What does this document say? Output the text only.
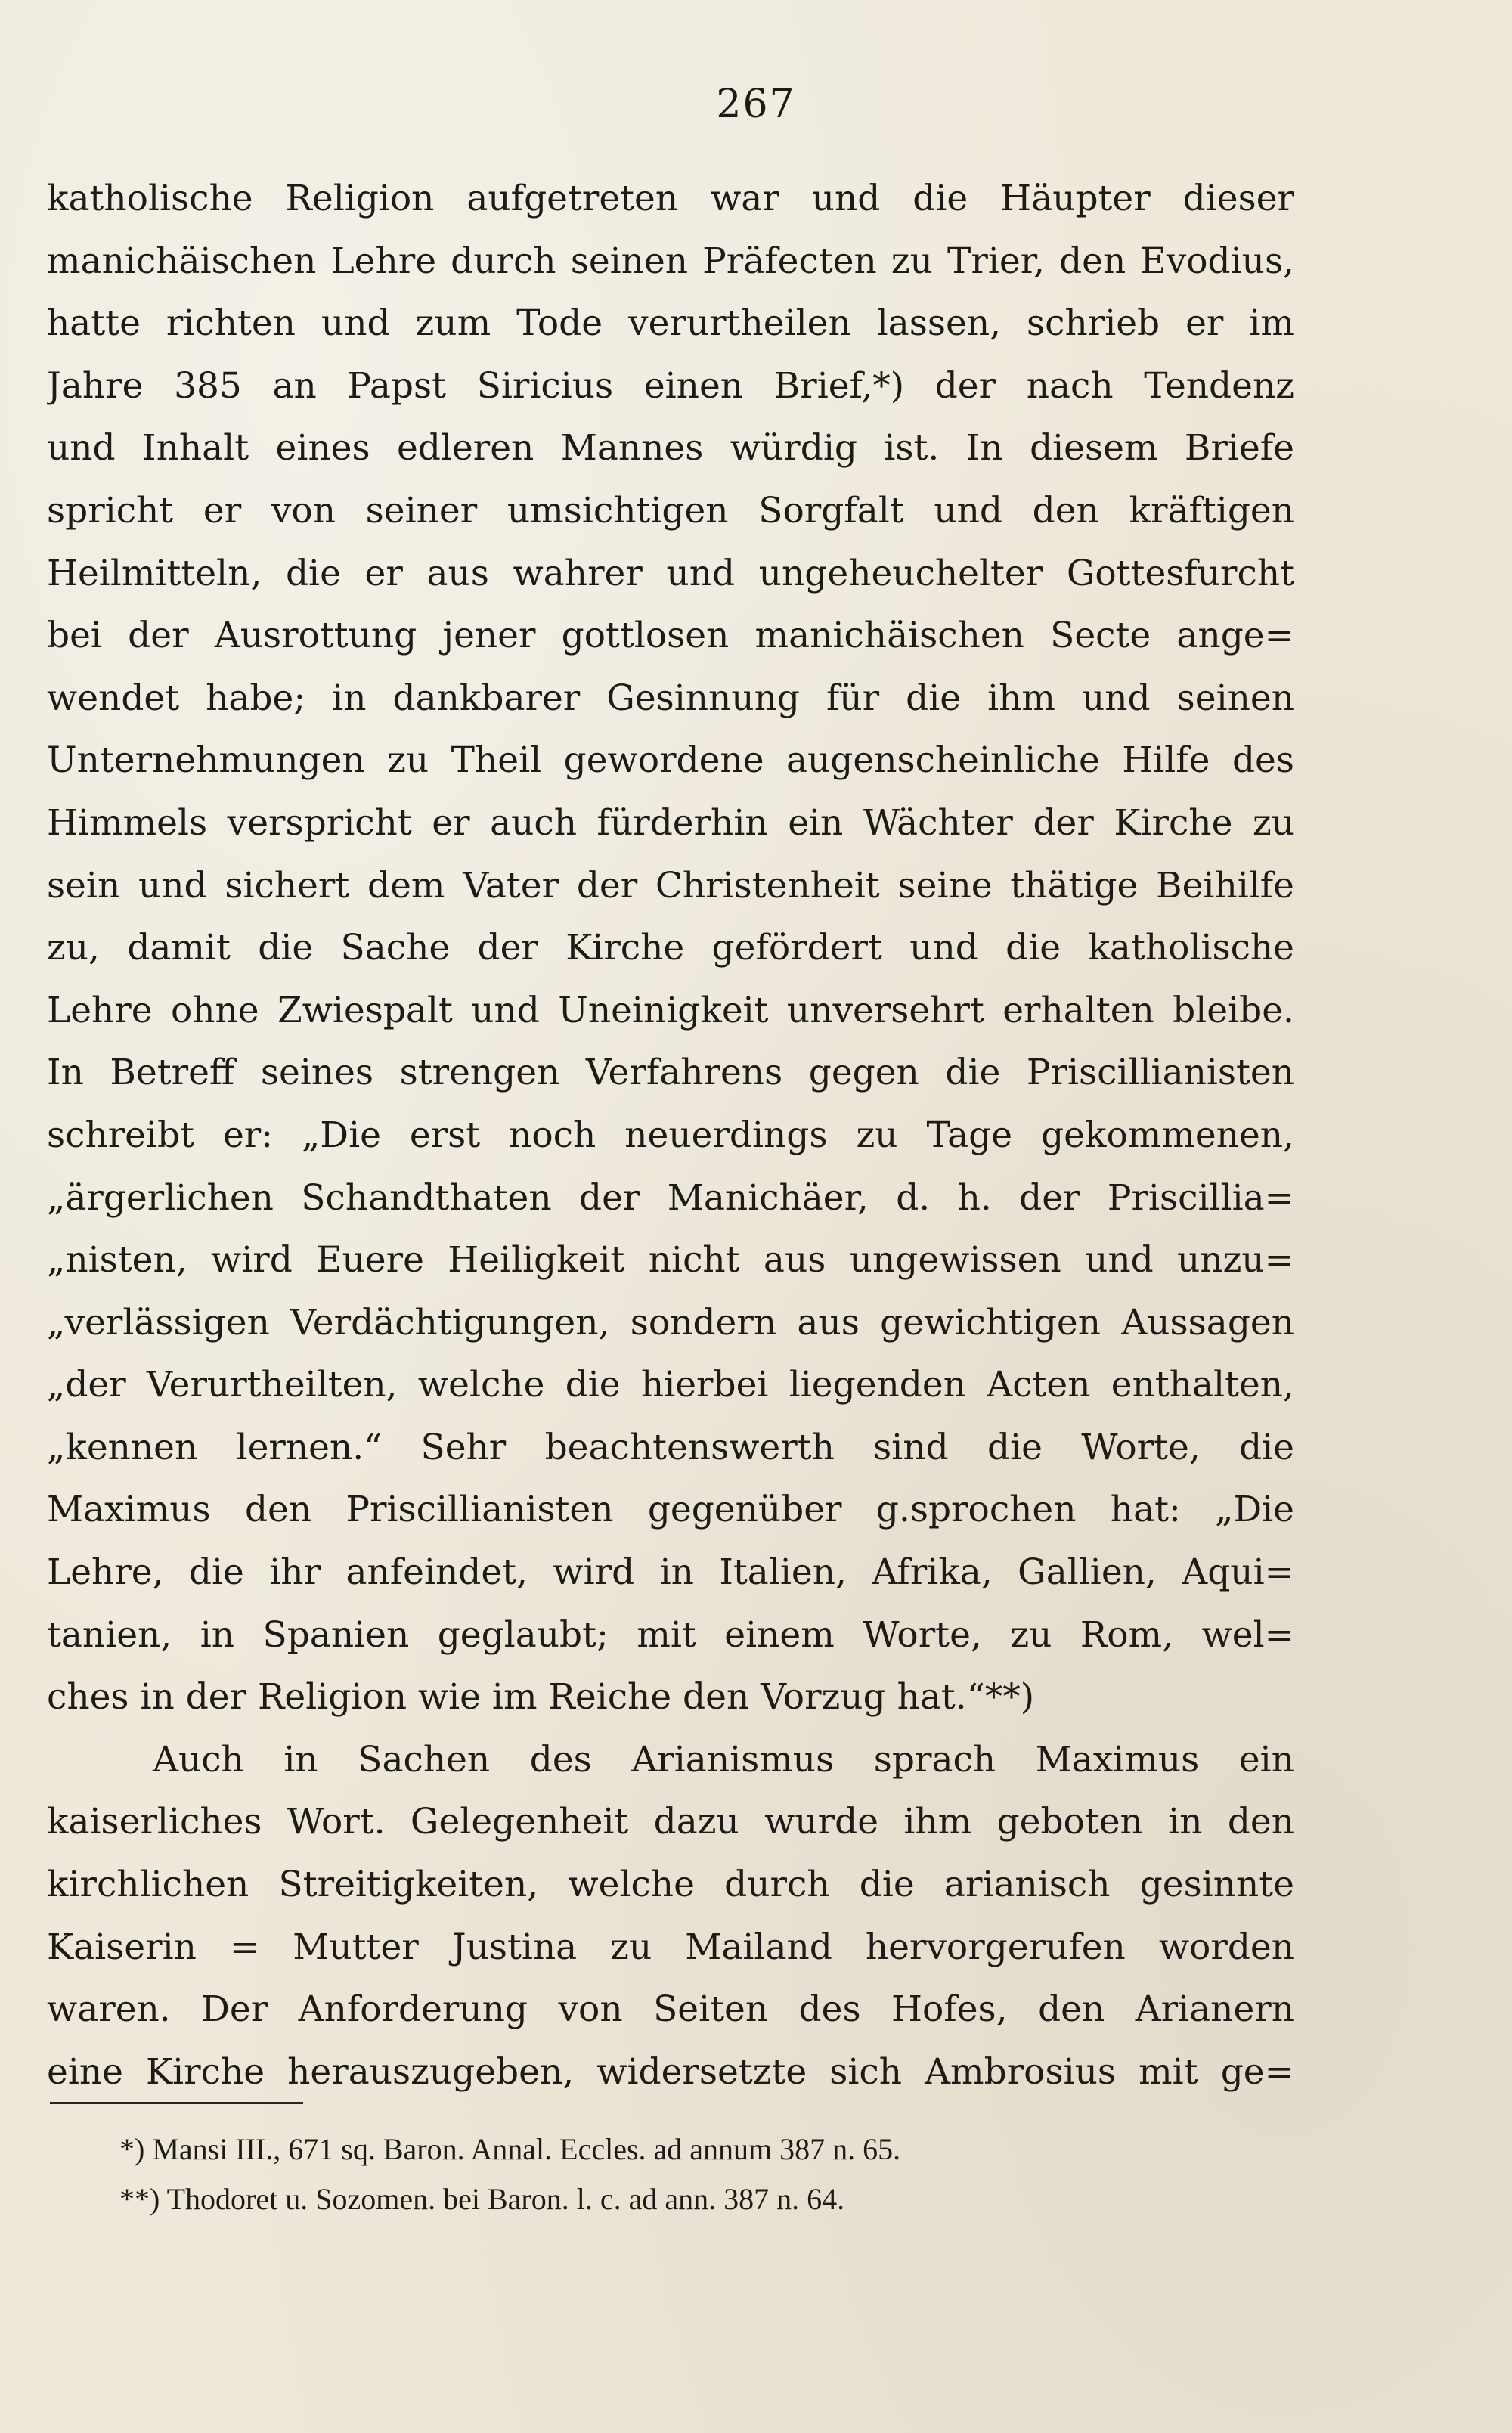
267
katholische Religion aufgetreten war und die Häupter dieser
manichäischen Lehre durch seinen Präfecten zu Trier, den Evodius,
hatte richten und zum Tode verurtheilen lassen, schrieb er im
Jahre 385 an Papst Siricius einen Brief,*) der nach Tendenz
und Inhalt eines edleren Mannes würdig ist. In diesem Briefe
spricht er von seiner umsichtigen Sorgfalt und den kräftigen
Heilmitteln, die er aus wahrer und ungeheuchelter Gottesfurcht
bei der Ausrottung jener gottlosen manichäischen Secte ange=
wendet habe; in dankbarer Gesinnung für die ihm und seinen
Unternehmungen zu Theil gewordene augenscheinliche Hilfe des
Himmels verspricht er auch fürderhin ein Wächter der Kirche zu
sein und sichert dem Vater der Christenheit seine thätige Beihilfe
zu, damit die Sache der Kirche gefördert und die katholische
Lehre ohne Zwiespalt und Uneinigkeit unversehrt erhalten bleibe.
In Betreff seines strengen Verfahrens gegen die Priscillianisten
schreibt er: „Die erst noch neuerdings zu Tage gekommenen,
„ärgerlichen Schandthaten der Manichäer, d. h. der Priscillia=
„nisten, wird Euere Heiligkeit nicht aus ungewissen und unzu=
„verlässigen Verdächtigungen, sondern aus gewichtigen Aussagen
„der Verurtheilten, welche die hierbei liegenden Acten enthalten,
„kennen lernen.“ Sehr beachtenswerth sind die Worte, die
Maximus den Priscillianisten gegenüber g.sprochen hat: „Die
Lehre, die ihr anfeindet, wird in Italien, Afrika, Gallien, Aqui=
tanien, in Spanien geglaubt; mit einem Worte, zu Rom, wel=
ches in der Religion wie im Reiche den Vorzug hat.“**)
Auch in Sachen des Arianismus sprach Maximus ein
kaiserliches Wort. Gelegenheit dazu wurde ihm geboten in den
kirchlichen Streitigkeiten, welche durch die arianisch gesinnte
Kaiserin = Mutter Justina zu Mailand hervorgerufen worden
waren. Der Anforderung von Seiten des Hofes, den Arianern
eine Kirche herauszugeben, widersetzte sich Ambrosius mit ge=
*) Mansi III., 671 sq. Baron. Annal. Eccles. ad annum 387 n. 65.
**) Thodoret u. Sozomen. bei Baron. l. c. ad ann. 387 n. 64.
